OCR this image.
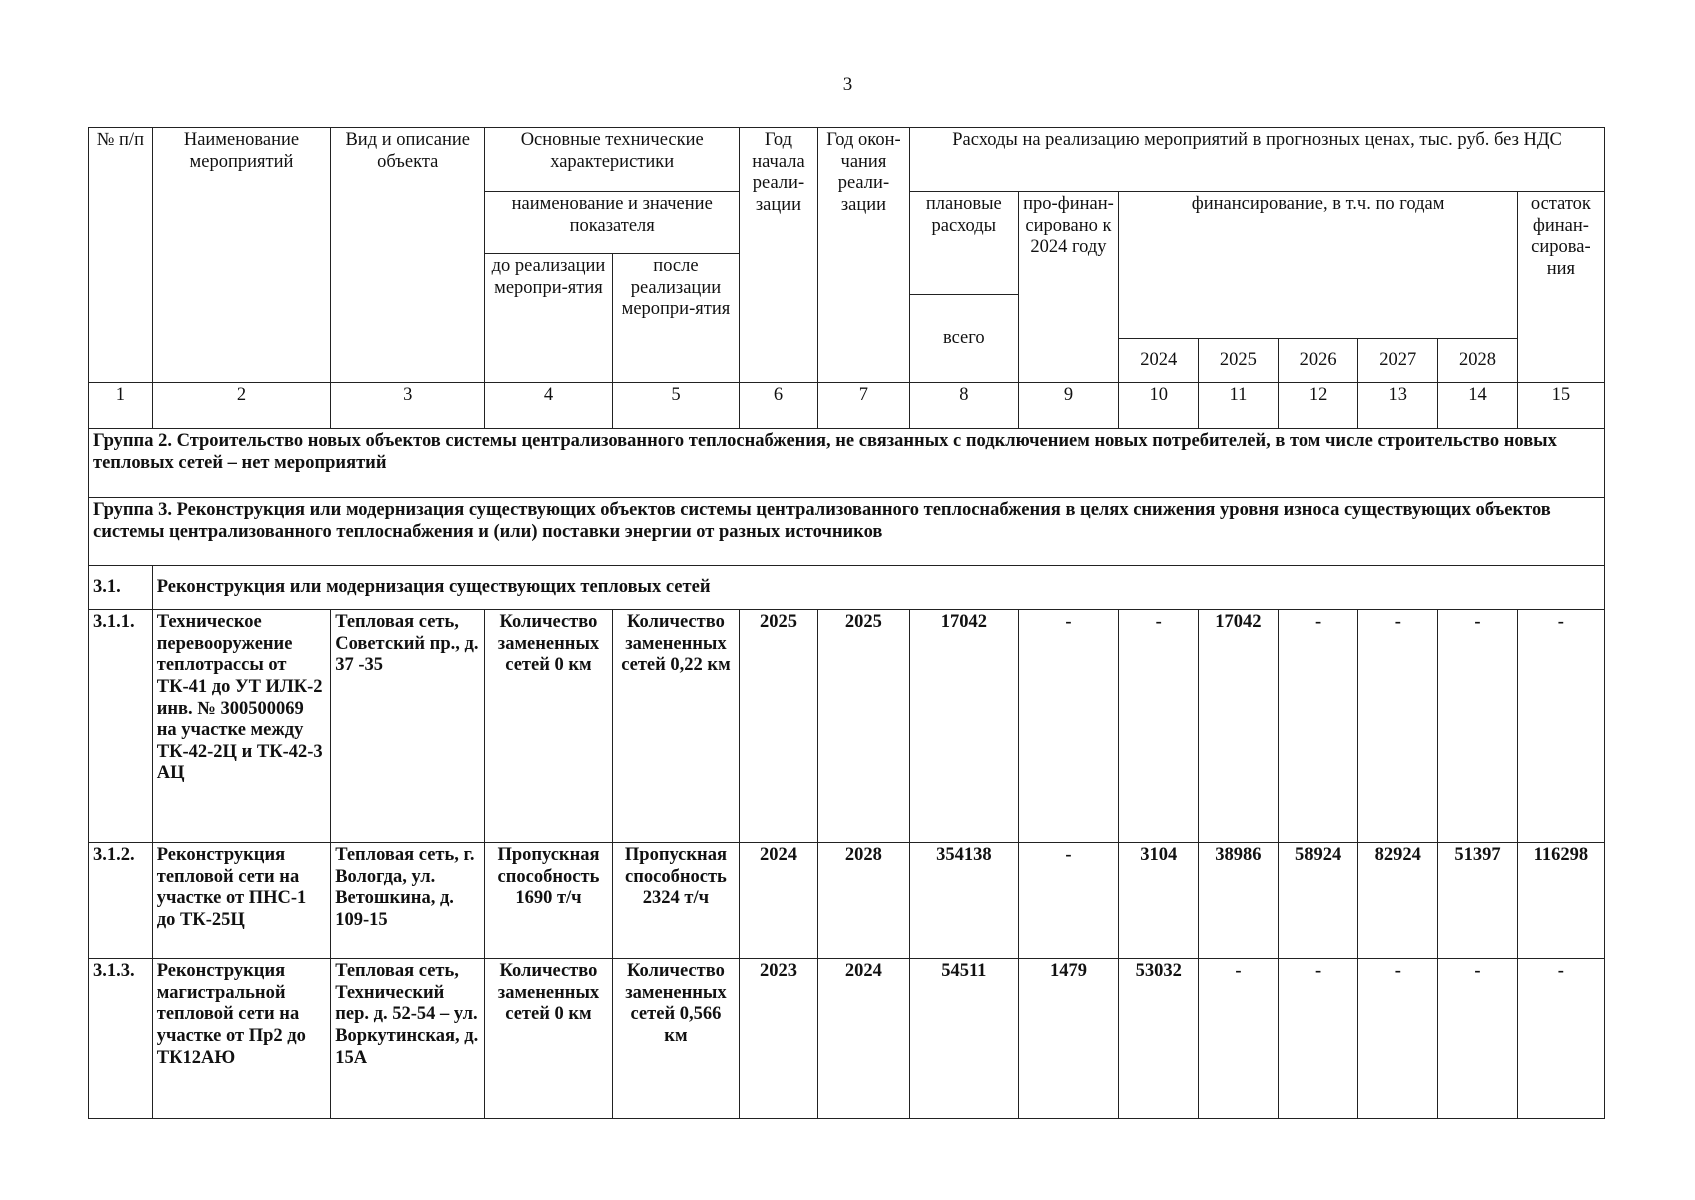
3
№ п/п	Наименование мероприятий	Вид и описание объекта	Основные технические характеристики		Год начала реали-зации	Год окон-чания реали-зации	Расходы на реализацию мероприятий в прогнозных ценах, тыс. руб. без НДС							
			наименование и значение показателя				плановые расходы	про-финан-сировано к 2024 году	финансирование, в т.ч. по годам					остаток финан-сирова-ния
			до реализации меропри-ятия	после реализации меропри-ятия										
							всего							
									2024	2025	2026	2027	2028	
1	2	3	4	5	6	7	8	9	10	11	12	13	14	15
Группа 2. Строительство новых объектов системы централизованного теплоснабжения, не связанных с подключением новых потребителей, в том числе строительство новых тепловых сетей – нет мероприятий														
Группа 3. Реконструкция или модернизация существующих объектов системы централизованного теплоснабжения в целях снижения уровня износа существующих объектов системы централизованного теплоснабжения и (или) поставки энергии от разных источников														
3.1.	Реконструкция или модернизация существующих тепловых сетей													
3.1.1.	Техническое перевооружение теплотрассы от ТК-41 до УТ ИЛК-2 инв. № 300500069 на участке между ТК-42-2Ц и ТК-42-3 АЦ	Тепловая сеть, Советский пр., д. 37 -35	Количество замененных сетей 0 км	Количество замененных сетей 0,22 км	2025	2025	17042	-	-	17042	-	-	-	-
3.1.2.	Реконструкция тепловой сети на участке от ПНС-1 до ТК-25Ц	Тепловая сеть, г. Вологда, ул. Ветошкина, д. 109-15	Пропускная способность 1690 т/ч	Пропускная способность 2324 т/ч	2024	2028	354138	-	3104	38986	58924	82924	51397	116298
3.1.3.	Реконструкция магистральной тепловой сети на участке от Пр2 до ТК12АЮ	Тепловая сеть, Технический пер. д. 52-54 – ул. Воркутинская, д. 15А	Количество замененных сетей 0 км	Количество замененных сетей 0,566 км	2023	2024	54511	1479	53032	-	-	-	-	-
